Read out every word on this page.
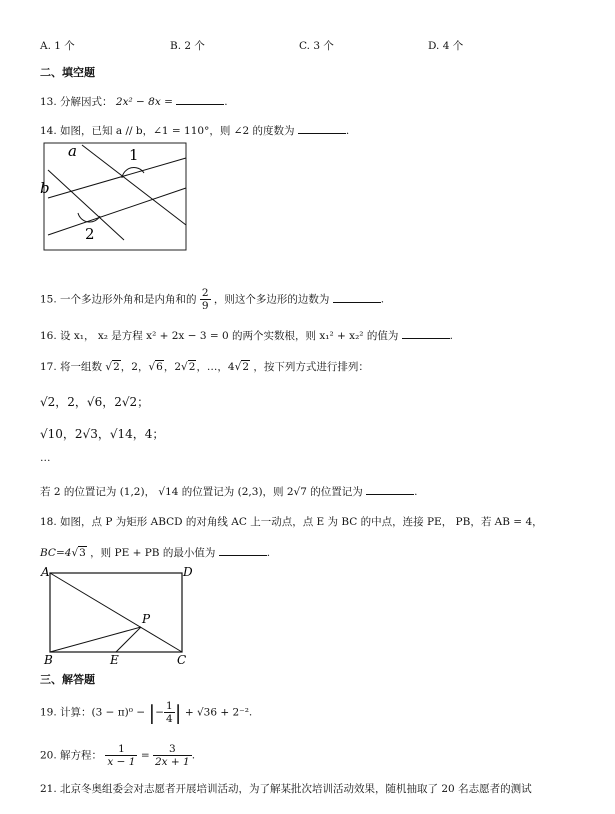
A. 1 个	B. 2 个	C. 3 个	D. 4 个
二、填空题
13. 分解因式： 2x² − 8x =	.
14. 如图，已知 a // b，∠1 = 110°，则 ∠2 的度数为	.
a
b
1
2
15. 一个多边形外角和是内角和的 $\frac{2}{9}$ ，则这个多边形的边数为	.
16. 设 x₁， x₂ 是方程 x² + 2x − 3 = 0 的两个实数根，则 x₁² + x₂² 的值为	.
17. 将一组数 √2，2，√6，2√2，…，4√2 ，按下列方式进行排列：
√2，2，√6，2√2；
√10，2√3，√14，4；
…
若 2 的位置记为 (1,2)， √14 的位置记为 (2,3)，则 2√7 的位置记为	.
18. 如图，点 P 为矩形 ABCD 的对角线 AC 上一动点，点 E 为 BC 的中点，连接 PE， PB，若 AB = 4，
BC=4√3 ，则 PE + PB 的最小值为	.
A	D
B	C
E
P
三、解答题
19. 计算：(3 − π)⁰ − |− $\frac{1}{4}$ | + √36 + 2⁻².
20. 解方程： $\frac{1}{x - 1} = \frac{3}{2x + 1}$ .
21. 北京冬奥组委会对志愿者开展培训活动，为了解某批次培训活动效果，随机抽取了 20 名志愿者的测试
